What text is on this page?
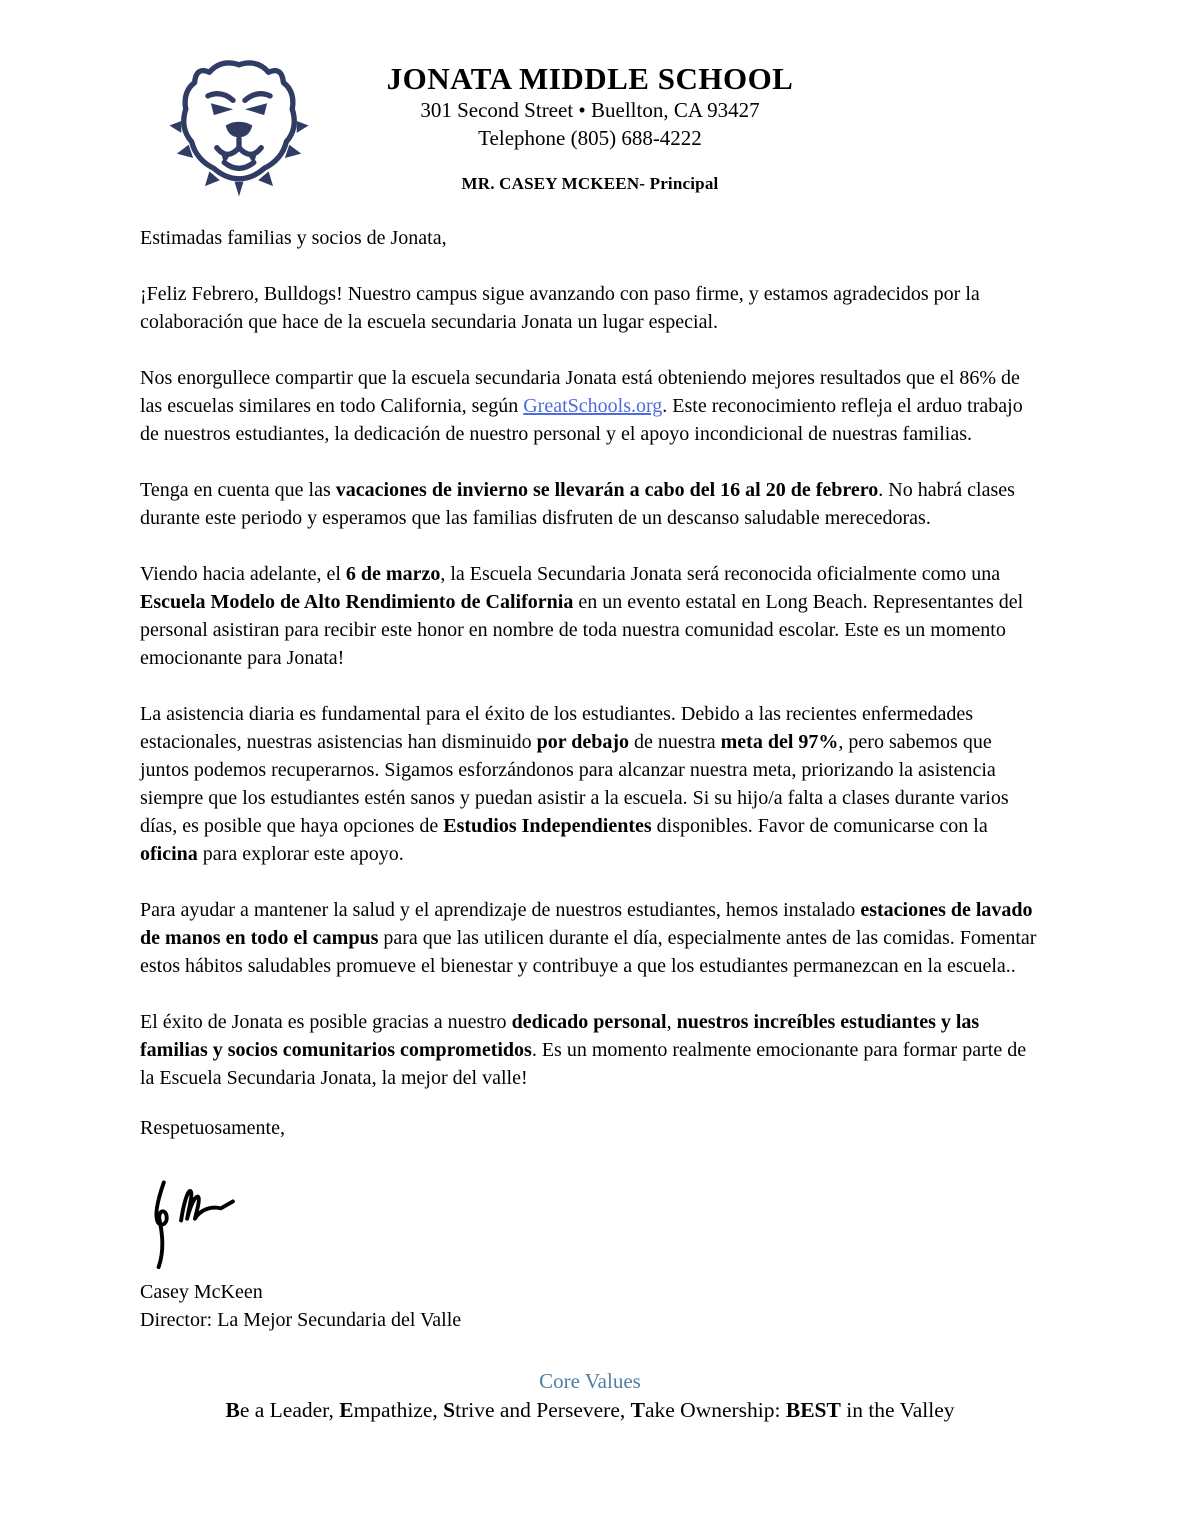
JONATA MIDDLE SCHOOL
301 Second Street • Buellton, CA 93427
Telephone (805) 688-4222
MR. CASEY MCKEEN- Principal

Estimadas familias y socios de Jonata,

¡Feliz Febrero, Bulldogs! Nuestro campus sigue avanzando con paso firme, y estamos agradecidos por la colaboración que hace de la escuela secundaria Jonata un lugar especial.

Nos enorgullece compartir que la escuela secundaria Jonata está obteniendo mejores resultados que el 86% de las escuelas similares en todo California, según GreatSchools.org. Este reconocimiento refleja el arduo trabajo de nuestros estudiantes, la dedicación de nuestro personal y el apoyo incondicional de nuestras familias.

Tenga en cuenta que las vacaciones de invierno se llevarán a cabo del 16 al 20 de febrero. No habrá clases durante este periodo y esperamos que las familias disfruten de un descanso saludable merecedoras.

Viendo hacia adelante, el 6 de marzo, la Escuela Secundaria Jonata será reconocida oficialmente como una Escuela Modelo de Alto Rendimiento de California en un evento estatal en Long Beach. Representantes del personal asistiran para recibir este honor en nombre de toda nuestra comunidad escolar. Este es un momento emocionante para Jonata!

La asistencia diaria es fundamental para el éxito de los estudiantes. Debido a las recientes enfermedades estacionales, nuestras asistencias han disminuido por debajo de nuestra meta del 97%, pero sabemos que juntos podemos recuperarnos. Sigamos esforzándonos para alcanzar nuestra meta, priorizando la asistencia siempre que los estudiantes estén sanos y puedan asistir a la escuela. Si su hijo/a falta a clases durante varios días, es posible que haya opciones de Estudios Independientes disponibles. Favor de comunicarse con la oficina para explorar este apoyo.

Para ayudar a mantener la salud y el aprendizaje de nuestros estudiantes, hemos instalado estaciones de lavado de manos en todo el campus para que las utilicen durante el día, especialmente antes de las comidas. Fomentar estos hábitos saludables promueve el bienestar y contribuye a que los estudiantes permanezcan en la escuela..

El éxito de Jonata es posible gracias a nuestro dedicado personal, nuestros increíbles estudiantes y las familias y socios comunitarios comprometidos. Es un momento realmente emocionante para formar parte de la Escuela Secundaria Jonata, la mejor del valle!

Respetuosamente,

Casey McKeen

Director: La Mejor Secundaria del Valle

Core Values
Be a Leader, Empathize, Strive and Persevere, Take Ownership: BEST in the Valley
